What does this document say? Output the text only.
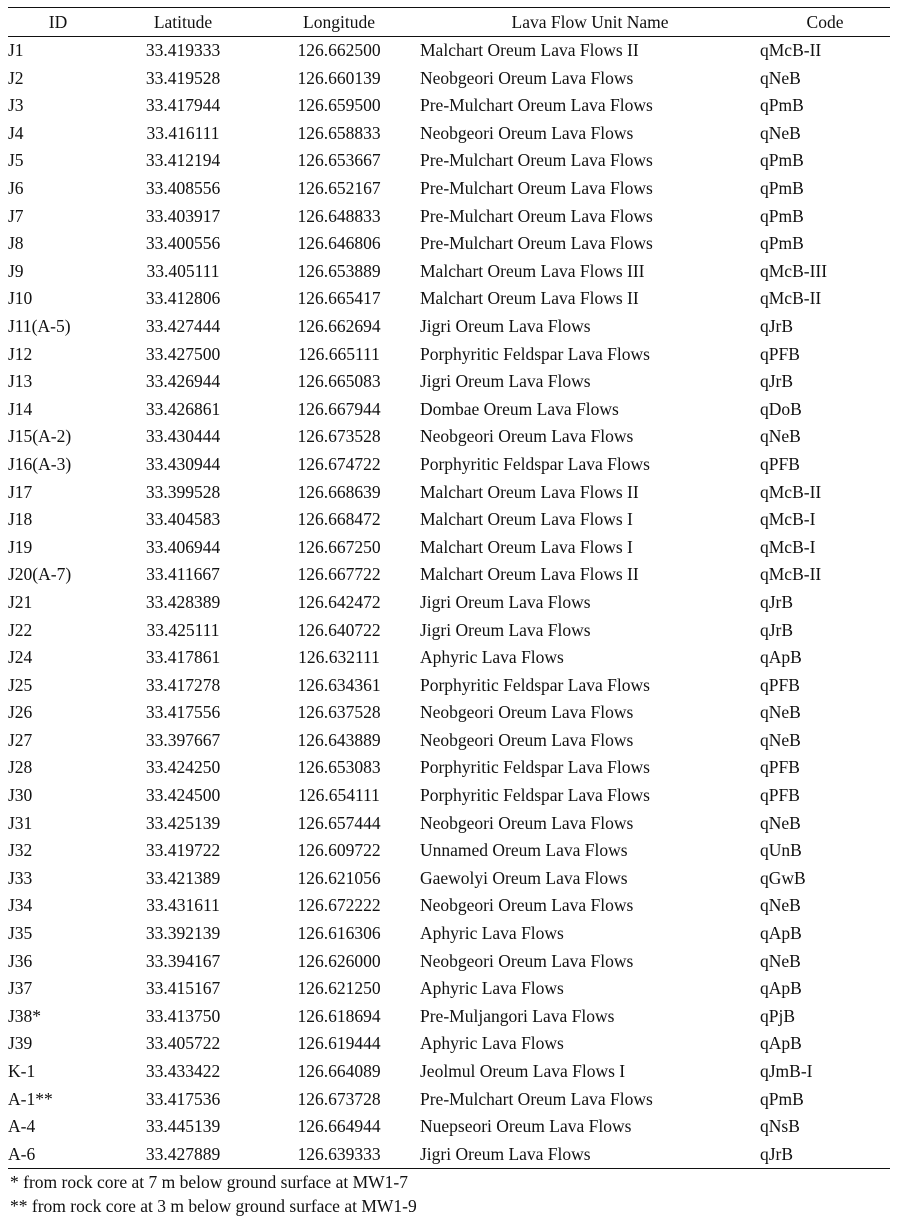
ID	Latitude	Longitude	Lava Flow Unit Name	Code
J1	33.419333	126.662500	Malchart Oreum Lava Flows II	qMcB-II
J2	33.419528	126.660139	Neobgeori Oreum Lava Flows	qNeB
J3	33.417944	126.659500	Pre-Mulchart Oreum Lava Flows	qPmB
J4	33.416111	126.658833	Neobgeori Oreum Lava Flows	qNeB
J5	33.412194	126.653667	Pre-Mulchart Oreum Lava Flows	qPmB
J6	33.408556	126.652167	Pre-Mulchart Oreum Lava Flows	qPmB
J7	33.403917	126.648833	Pre-Mulchart Oreum Lava Flows	qPmB
J8	33.400556	126.646806	Pre-Mulchart Oreum Lava Flows	qPmB
J9	33.405111	126.653889	Malchart Oreum Lava Flows III	qMcB-III
J10	33.412806	126.665417	Malchart Oreum Lava Flows II	qMcB-II
J11(A-5)	33.427444	126.662694	Jigri Oreum Lava Flows	qJrB
J12	33.427500	126.665111	Porphyritic Feldspar Lava Flows	qPFB
J13	33.426944	126.665083	Jigri Oreum Lava Flows	qJrB
J14	33.426861	126.667944	Dombae Oreum Lava Flows	qDoB
J15(A-2)	33.430444	126.673528	Neobgeori Oreum Lava Flows	qNeB
J16(A-3)	33.430944	126.674722	Porphyritic Feldspar Lava Flows	qPFB
J17	33.399528	126.668639	Malchart Oreum Lava Flows II	qMcB-II
J18	33.404583	126.668472	Malchart Oreum Lava Flows I	qMcB-I
J19	33.406944	126.667250	Malchart Oreum Lava Flows I	qMcB-I
J20(A-7)	33.411667	126.667722	Malchart Oreum Lava Flows II	qMcB-II
J21	33.428389	126.642472	Jigri Oreum Lava Flows	qJrB
J22	33.425111	126.640722	Jigri Oreum Lava Flows	qJrB
J24	33.417861	126.632111	Aphyric Lava Flows	qApB
J25	33.417278	126.634361	Porphyritic Feldspar Lava Flows	qPFB
J26	33.417556	126.637528	Neobgeori Oreum Lava Flows	qNeB
J27	33.397667	126.643889	Neobgeori Oreum Lava Flows	qNeB
J28	33.424250	126.653083	Porphyritic Feldspar Lava Flows	qPFB
J30	33.424500	126.654111	Porphyritic Feldspar Lava Flows	qPFB
J31	33.425139	126.657444	Neobgeori Oreum Lava Flows	qNeB
J32	33.419722	126.609722	Unnamed Oreum Lava Flows	qUnB
J33	33.421389	126.621056	Gaewolyi Oreum Lava Flows	qGwB
J34	33.431611	126.672222	Neobgeori Oreum Lava Flows	qNeB
J35	33.392139	126.616306	Aphyric Lava Flows	qApB
J36	33.394167	126.626000	Neobgeori Oreum Lava Flows	qNeB
J37	33.415167	126.621250	Aphyric Lava Flows	qApB
J38*	33.413750	126.618694	Pre-Muljangori Lava Flows	qPjB
J39	33.405722	126.619444	Aphyric Lava Flows	qApB
K-1	33.433422	126.664089	Jeolmul Oreum Lava Flows I	qJmB-I
A-1**	33.417536	126.673728	Pre-Mulchart Oreum Lava Flows	qPmB
A-4	33.445139	126.664944	Nuepseori Oreum Lava Flows	qNsB
A-6	33.427889	126.639333	Jigri Oreum Lava Flows	qJrB
* from rock core at 7 m below ground surface at MW1-7
** from rock core at 3 m below ground surface at MW1-9
